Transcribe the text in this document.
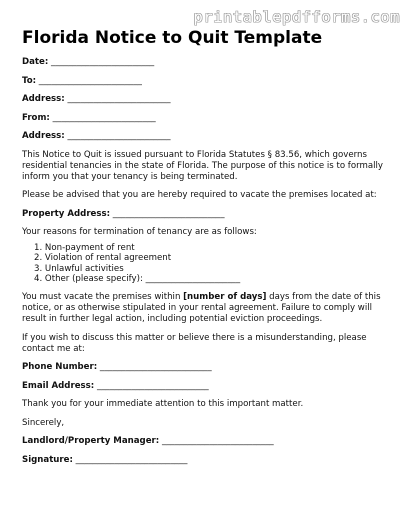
printablepdfforms.com
Florida Notice to Quit Template
Date: ________________________
To: ________________________
Address: ________________________
From: ________________________
Address: ________________________

This Notice to Quit is issued pursuant to Florida Statutes § 83.56, which governs residential tenancies in the state of Florida. The purpose of this notice is to formally inform you that your tenancy is being terminated.

Please be advised that you are hereby required to vacate the premises located at:

Property Address: __________________________

Your reasons for termination of tenancy are as follows:

1. Non-payment of rent
2. Violation of rental agreement
3. Unlawful activities
4. Other (please specify): ______________________

You must vacate the premises within [number of days] days from the date of this notice, or as otherwise stipulated in your rental agreement. Failure to comply will result in further legal action, including potential eviction proceedings.

If you wish to discuss this matter or believe there is a misunderstanding, please contact me at:

Phone Number: __________________________
Email Address: __________________________

Thank you for your immediate attention to this important matter.

Sincerely,

Landlord/Property Manager: __________________________
Signature: __________________________
